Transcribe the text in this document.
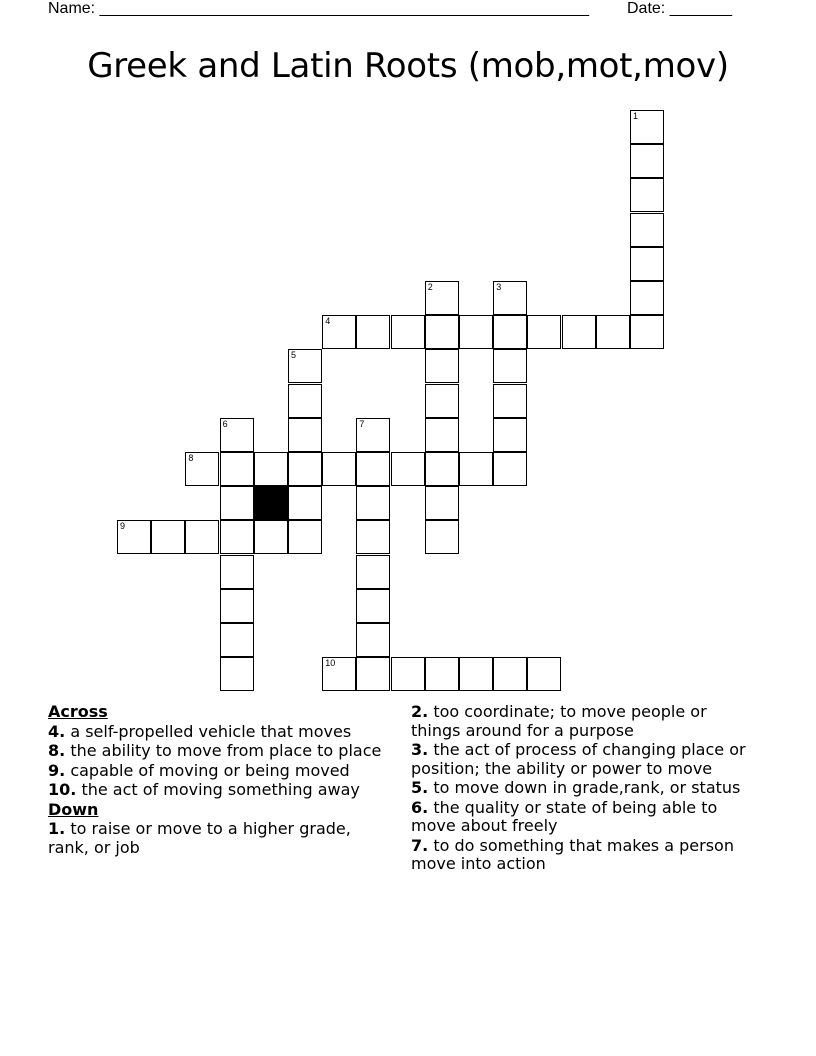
Name: _______________________________________________________ Date: _______
Greek and Latin Roots (mob,mot,mov)
1
4
2	3
5
6	7
8
9
10

Across

4. a self-propelled vehicle that moves

8. the ability to move from place to place

9. capable of moving or being moved

10. the act of moving something away

Down

1. to raise or move to a higher grade, rank, or job

2. too coordinate; to move people or things around for a purpose

3. the act of process of changing place or position; the ability or power to move

5. to move down in grade,rank, or status

6. the quality or state of being able to move about freely

7. to do something that makes a person move into action
